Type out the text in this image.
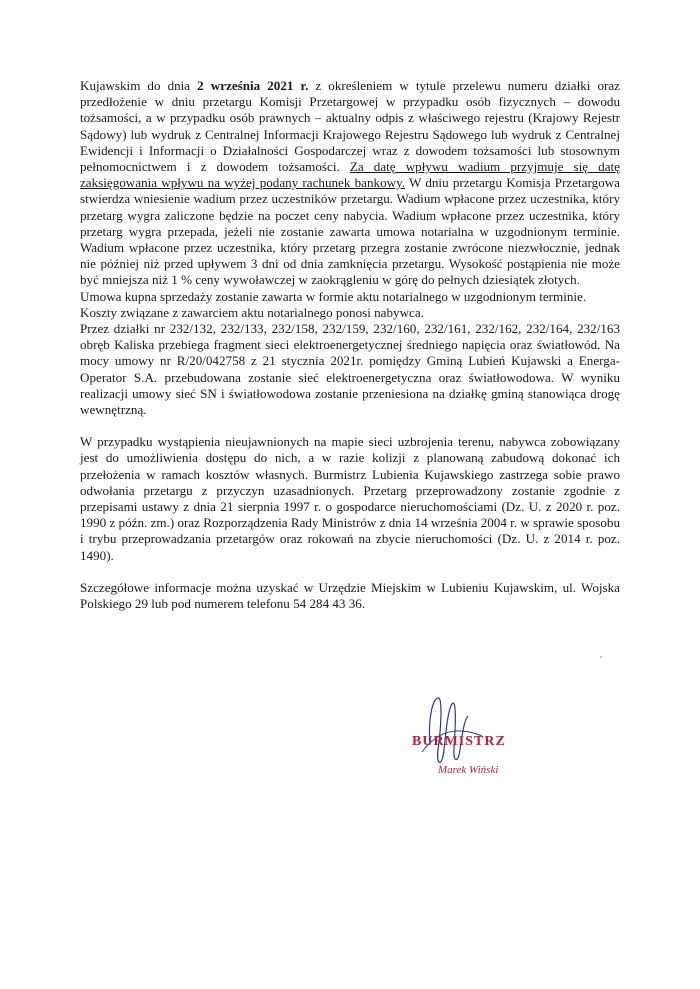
Kujawskim do dnia 2 września 2021 r. z określeniem w tytule przelewu numeru działki oraz przedłożenie w dniu przetargu Komisji Przetargowej w przypadku osób fizycznych – dowodu tożsamości, a w przypadku osób prawnych – aktualny odpis z właściwego rejestru (Krajowy Rejestr Sądowy) lub wydruk z Centralnej Informacji Krajowego Rejestru Sądowego lub wydruk z Centralnej Ewidencji i Informacji o Działalności Gospodarczej wraz z dowodem tożsamości lub stosownym pełnomocnictwem i z dowodem tożsamości. Za datę wpływu wadium przyjmuje się datę zaksięgowania wpływu na wyżej podany rachunek bankowy. W dniu przetargu Komisja Przetargowa stwierdza wniesienie wadium przez uczestników przetargu. Wadium wpłacone przez uczestnika, który przetarg wygra zaliczone będzie na poczet ceny nabycia. Wadium wpłacone przez uczestnika, który przetarg wygra przepada, jeżeli nie zostanie zawarta umowa notarialna w uzgodnionym terminie. Wadium wpłacone przez uczestnika, który przetarg przegra zostanie zwrócone niezwłocznie, jednak nie później niż przed upływem 3 dni od dnia zamknięcia przetargu. Wysokość postąpienia nie może być mniejsza niż 1 % ceny wywoławczej w zaokrągleniu w górę do pełnych dziesiątek złotych.

Umowa kupna sprzedaży zostanie zawarta w formie aktu notarialnego w uzgodnionym terminie.

Koszty związane z zawarciem aktu notarialnego ponosi nabywca.

Przez działki nr 232/132, 232/133, 232/158, 232/159, 232/160, 232/161, 232/162, 232/164, 232/163 obręb Kaliska przebiega fragment sieci elektroenergetycznej średniego napięcia oraz światłowód. Na mocy umowy nr R/20/042758 z 21 stycznia 2021r. pomiędzy Gminą Lubień Kujawski a Energa-Operator S.A. przebudowana zostanie sieć elektroenergetyczna oraz światłowodowa. W wyniku realizacji umowy sieć SN i światłowodowa zostanie przeniesiona na działkę gminą stanowiąca drogę wewnętrzną.

W przypadku wystąpienia nieujawnionych na mapie sieci uzbrojenia terenu, nabywca zobowiązany jest do umożliwienia dostępu do nich, a w razie kolizji z planowaną zabudową dokonać ich przełożenia w ramach kosztów własnych. Burmistrz Lubienia Kujawskiego zastrzega sobie prawo odwołania przetargu z przyczyn uzasadnionych. Przetarg przeprowadzony zostanie zgodnie z przepisami ustawy z dnia 21 sierpnia 1997 r. o gospodarce nieruchomościami (Dz. U. z 2020 r. poz. 1990 z późn. zm.) oraz Rozporządzenia Rady Ministrów z dnia 14 września 2004 r. w sprawie sposobu i trybu przeprowadzania przetargów oraz rokowań na zbycie nieruchomości (Dz. U. z 2014 r. poz. 1490).

Szczegółowe informacje można uzyskać w Urzędzie Miejskim w Lubieniu Kujawskim, ul. Wojska Polskiego 29 lub pod numerem telefonu 54 284 43 36.

BURMISTRZ
Marek Wiński
